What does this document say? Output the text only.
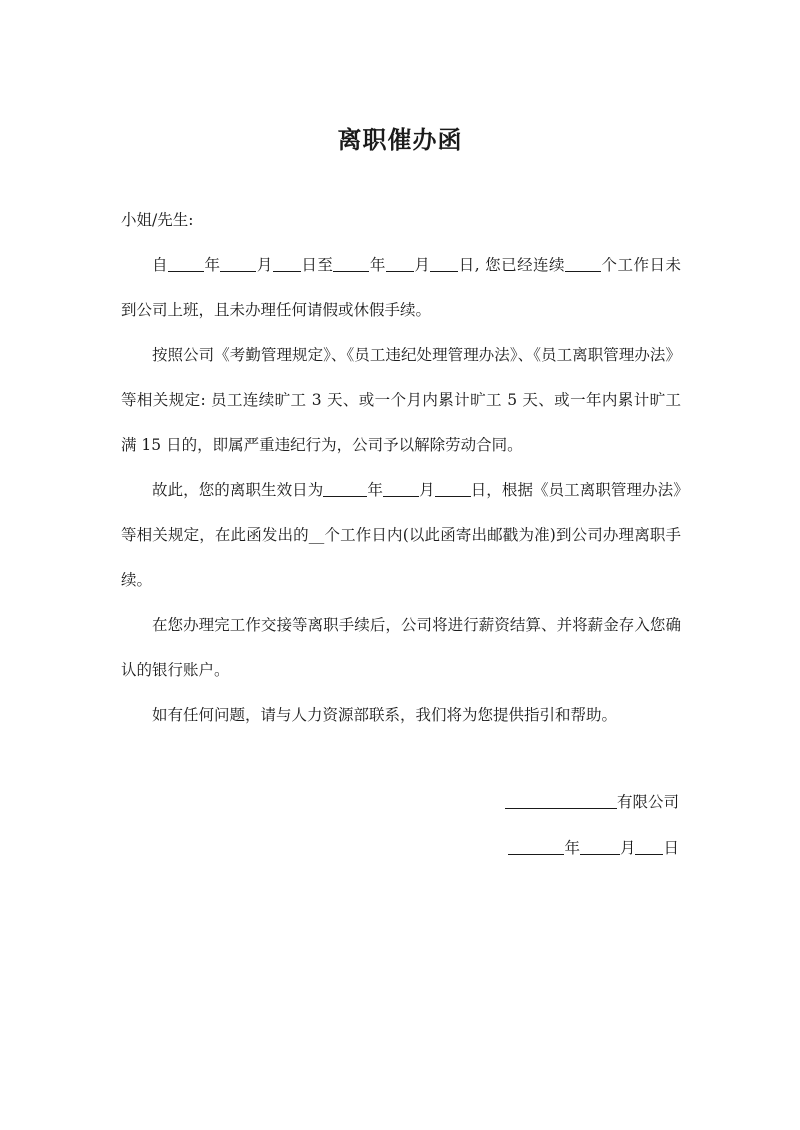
离职催办函

小姐/先生:

自 年 月 日至 年 月 日, 您已经连续 个工作日未到公司上班，且未办理任何请假或休假手续。

按照公司《考勤管理规定》、《员工违纪处理管理办法》、《员工离职管理办法》等相关规定: 员工连续旷工 3 天、或一个月内累计旷工 5 天、或一年内累计旷工满 15 日的，即属严重违纪行为，公司予以解除劳动合同。

故此，您的离职生效日为	年 月 日，根据《员工离职管理办法》等相关规定，在此函发出的__个工作日内(以此函寄出邮戳为准)到公司办理离职手续。

在您办理完工作交接等离职手续后，公司将进行薪资结算、并将薪金存入您确认的银行账户。

如有任何问题，请与人力资源部联系，我们将为您提供指引和帮助。

有限公司
年	月 日
